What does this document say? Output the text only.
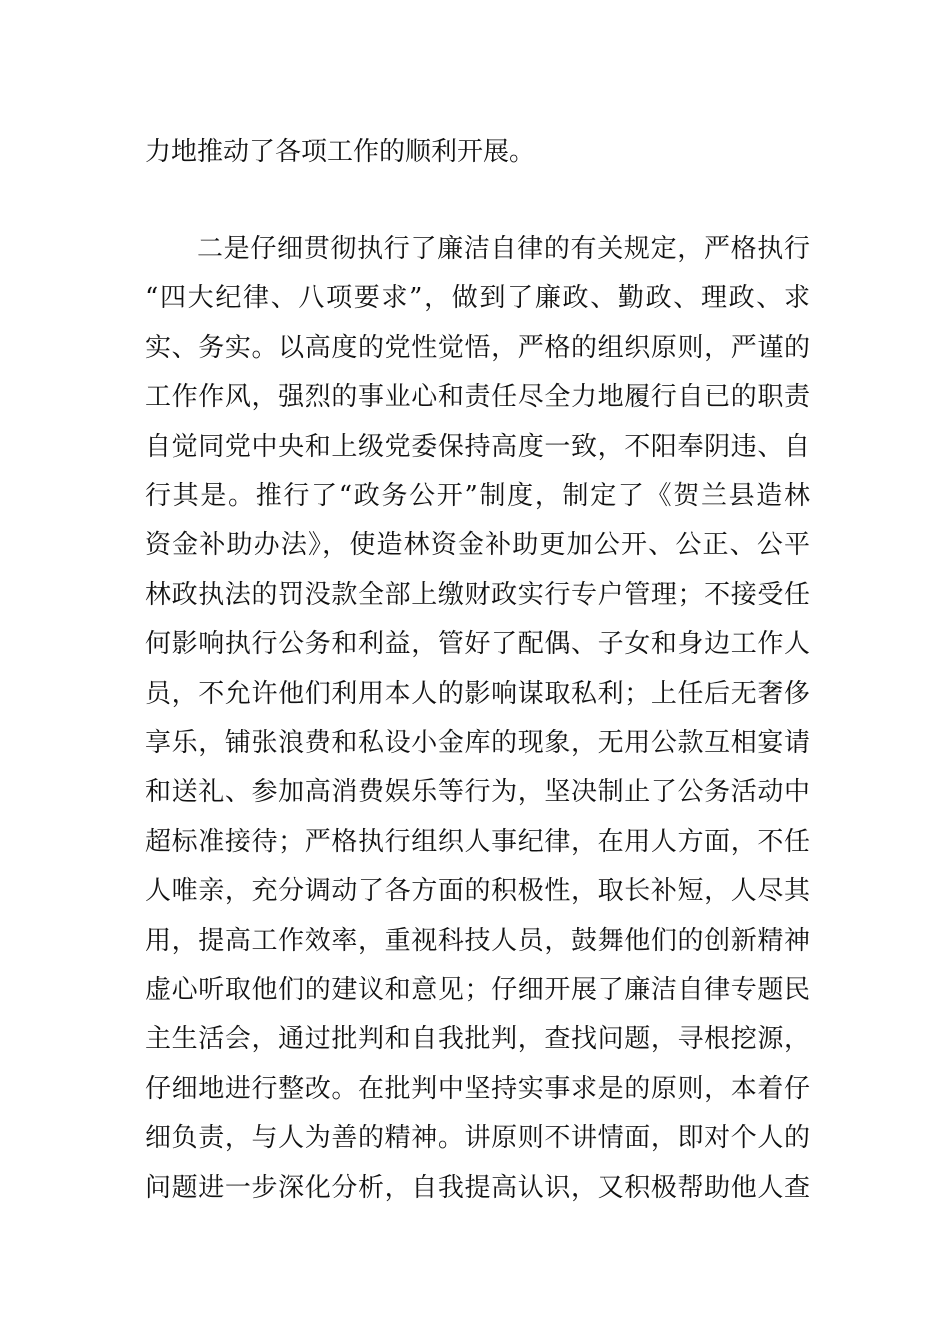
力地推动了各项工作的顺利开展。
二是仔细贯彻执行了廉洁自律的有关规定，严格执行
“四大纪律、八项要求”，做到了廉政、勤政、理政、求
实、务实。以高度的党性觉悟，严格的组织原则，严谨的
工作作风，强烈的事业心和责任尽全力地履行自已的职责
自觉同党中央和上级党委保持高度一致，不阳奉阴违、自
行其是。推行了“政务公开”制度，制定了《贺兰县造林
资金补助办法》，使造林资金补助更加公开、公正、公平
林政执法的罚没款全部上缴财政实行专户管理；不接受任
何影响执行公务和利益，管好了配偶、子女和身边工作人
员，不允许他们利用本人的影响谋取私利；上任后无奢侈
享乐，铺张浪费和私设小金库的现象，无用公款互相宴请
和送礼、参加高消费娱乐等行为，坚决制止了公务活动中
超标准接待；严格执行组织人事纪律，在用人方面，不任
人唯亲，充分调动了各方面的积极性，取长补短，人尽其
用，提高工作效率，重视科技人员，鼓舞他们的创新精神
虚心听取他们的建议和意见；仔细开展了廉洁自律专题民
主生活会，通过批判和自我批判，查找问题，寻根挖源，
仔细地进行整改。在批判中坚持实事求是的原则，本着仔
细负责，与人为善的精神。讲原则不讲情面，即对个人的
问题进一步深化分析，自我提高认识，又积极帮助他人查
